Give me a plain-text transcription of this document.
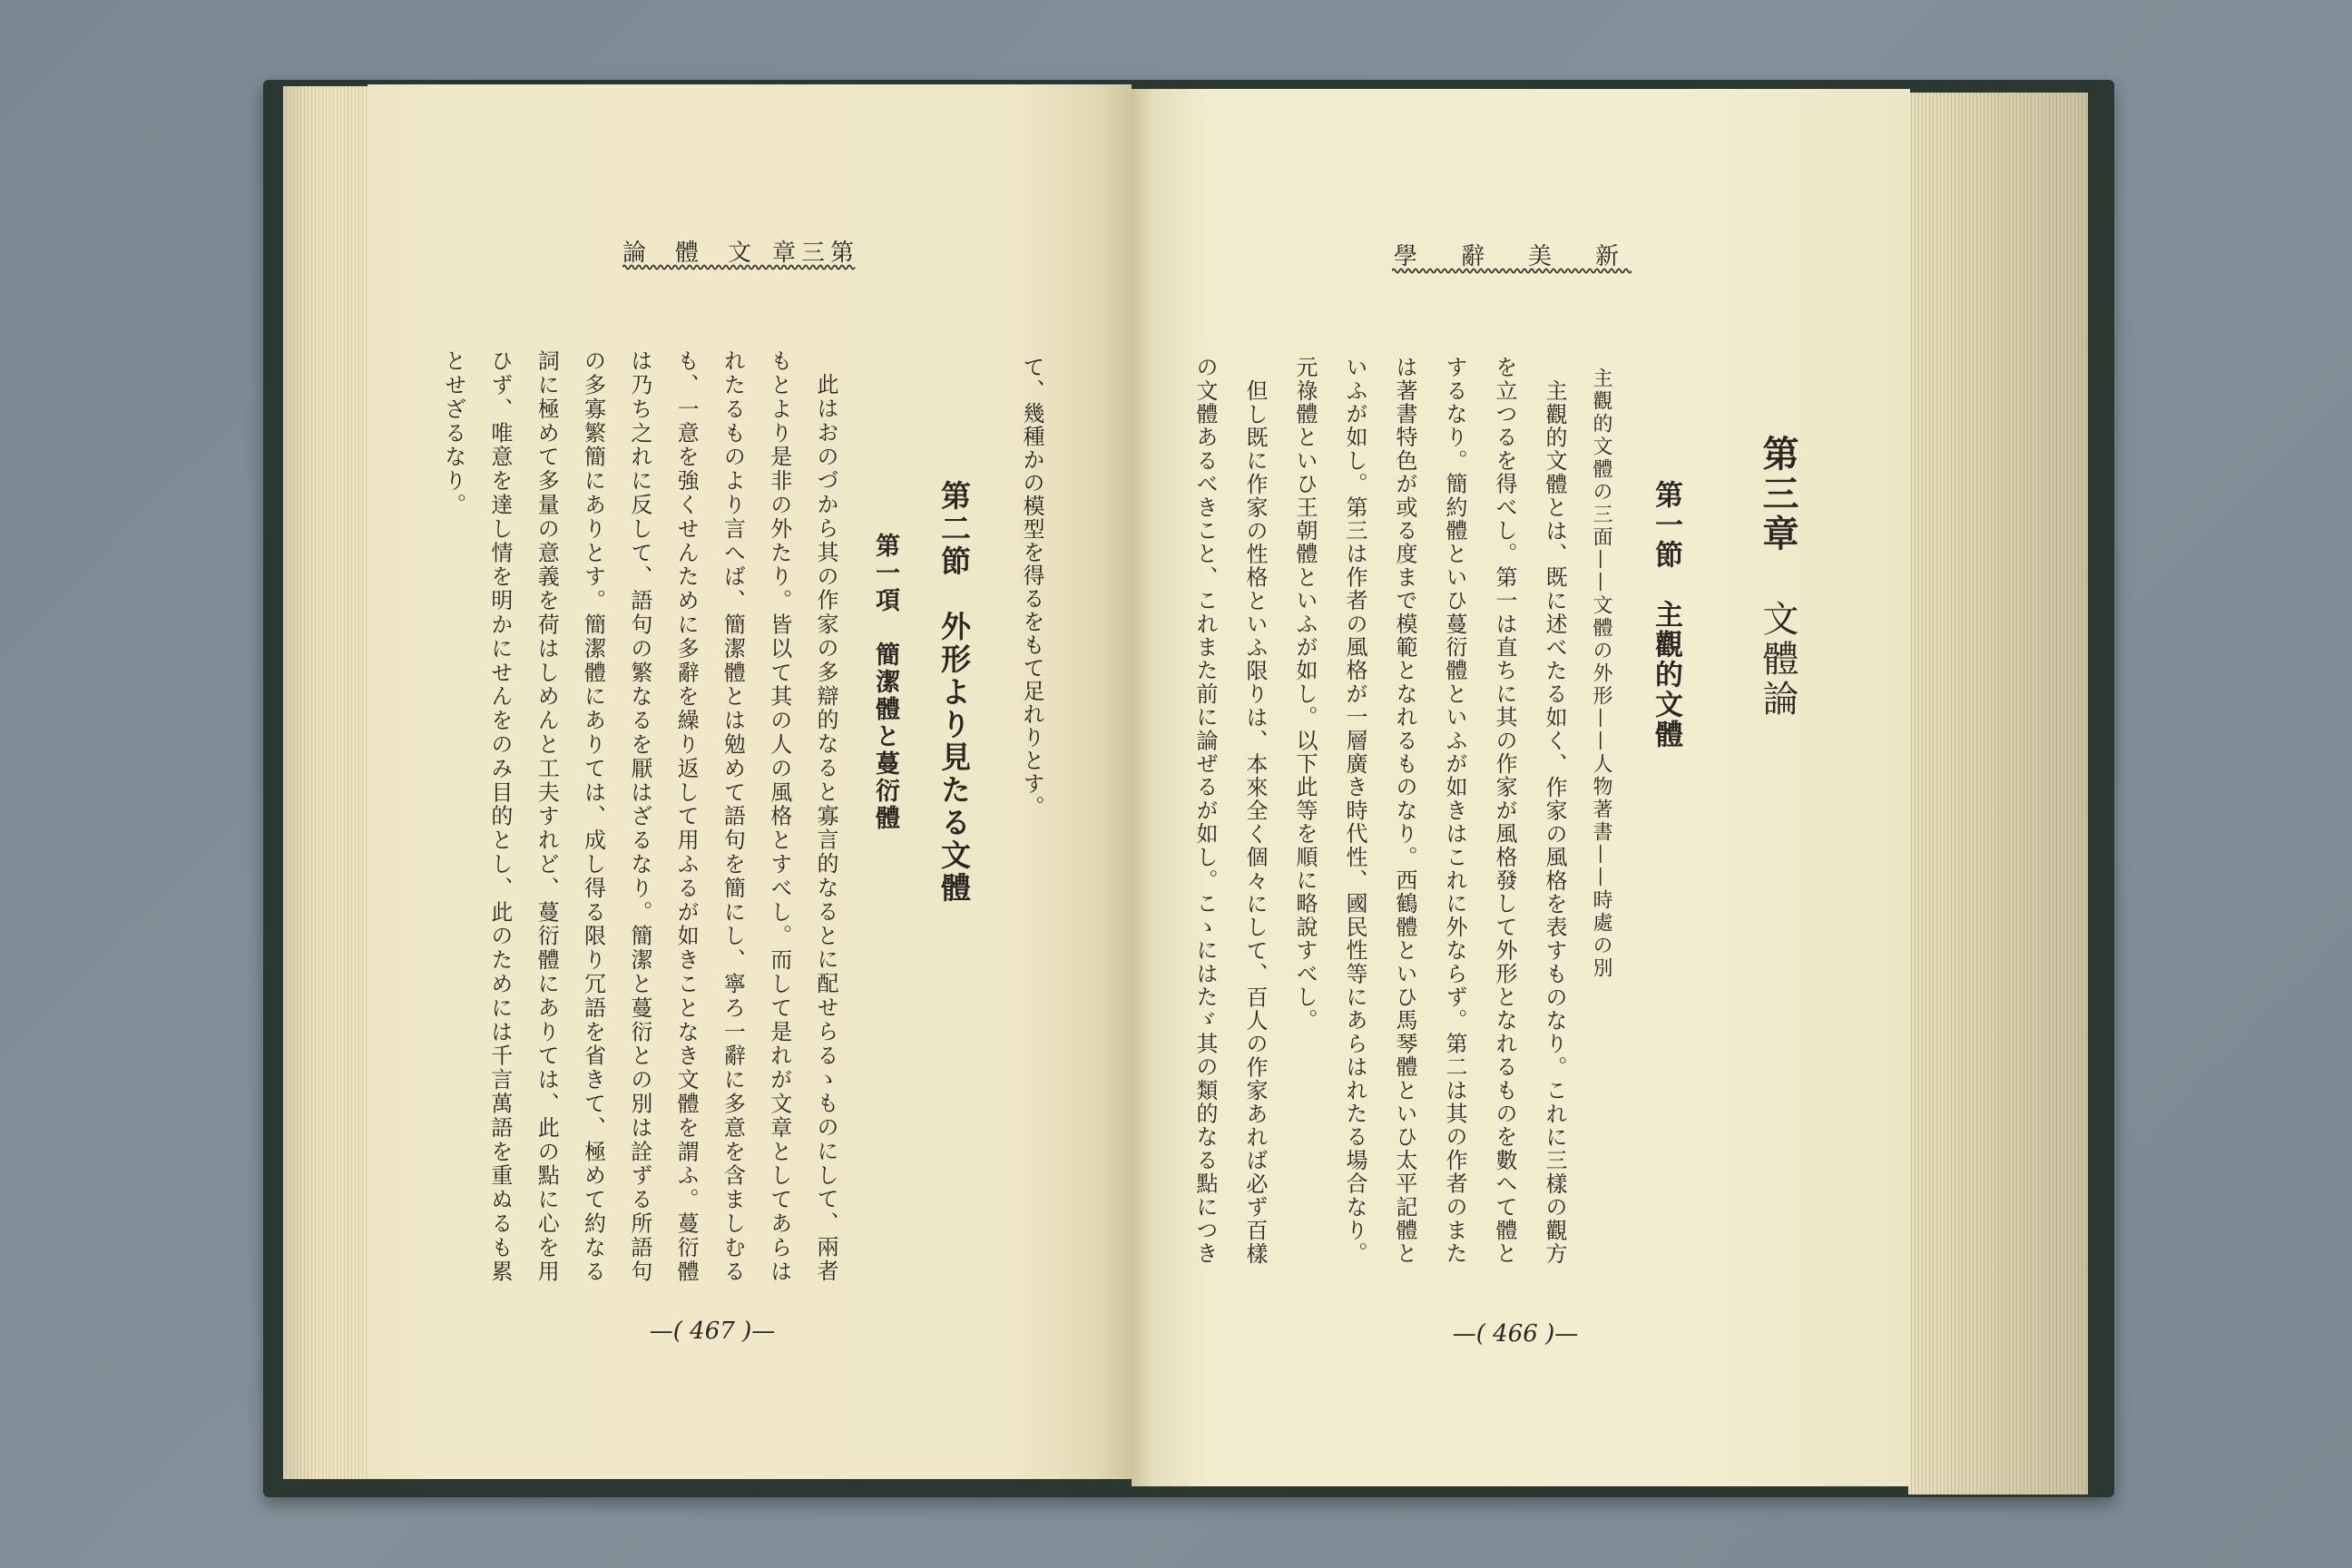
文體論
第三章
て、幾種かの模型を得るをもて足れりとす。
第二節　外形より見たる文體
第一項　簡潔體と蔓衍體
此はおのづから其の作家の多辯的なると寡言的なるとに配せらるゝものにして、兩者
もとより是非の外たり。皆以て其の人の風格とすべし。而して是れが文章としてあらは
れたるものより言へば、簡潔體とは勉めて語句を簡にし、寧ろ一辭に多意を含ましむる
も、一意を強くせんために多辭を繰り返して用ふるが如きことなき文體を謂ふ。蔓衍體
は乃ち之れに反して、語句の繁なるを厭はざるなり。簡潔と蔓衍との別は詮ずる所語句
の多寡繁簡にありとす。簡潔體にありては、成し得る限り冗語を省きて、極めて約なる
詞に極めて多量の意義を荷はしめんと工夫すれど、蔓衍體にありては、此の點に心を用
ひず、唯意を達し情を明かにせんをのみ目的とし、此のためには千言萬語を重ぬるも累
とせざるなり。
—( 467 )—
新美辭學
第三章文體論
第一節　主觀的文體
主觀的文體の三面——文體の外形——人物著書——時處の別
主觀的文體とは、既に述べたる如く、作家の風格を表すものなり。これに三樣の觀方
を立つるを得べし。第一は直ちに其の作家が風格發して外形となれるものを數へて體と
するなり。簡約體といひ蔓衍體といふが如きはこれに外ならず。第二は其の作者のまた
は著書特色が或る度まで模範となれるものなり。西鶴體といひ馬琴體といひ太平記體と
いふが如し。第三は作者の風格が一層廣き時代性、國民性等にあらはれたる場合なり。
元祿體といひ王朝體といふが如し。以下此等を順に略說すべし。
但し既に作家の性格といふ限りは、本來全く個々にして、百人の作家あれば必ず百樣
の文體あるべきこと、これまた前に論ぜるが如し。こゝにはたゞ其の類的なる點につき
—( 466 )—
